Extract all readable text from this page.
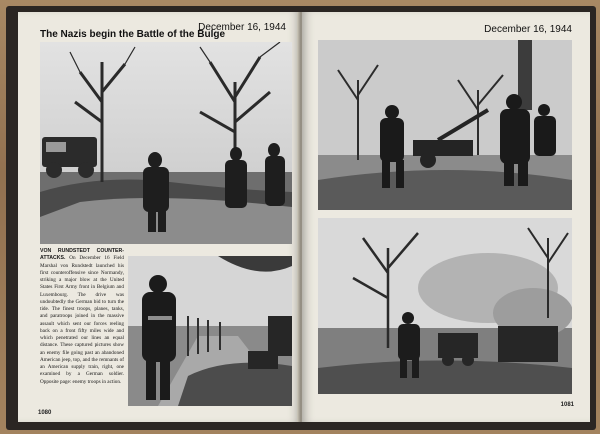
The Nazis begin the Battle of the Bulge
December 16, 1944
VON RUNDSTEDT COUNTER-ATTACKS. On December 16 Field Marshal von Rundstedt launched his first counteroffensive since Normandy, striking a major blow at the United States First Army front in Belgium and Luxembourg. The drive was undoubtedly the German bid to turn the tide. The finest troops, planes, tanks, and paratroops joined in the massive assault which sent our forces reeling back on a front fifty miles wide and which penetrated our lines an equal distance. These captured pictures show an enemy file going past an abandoned American jeep, top, and the remnants of an American supply train, right, one examined by a German soldier. Opposite page: enemy troops in action.
1080
December 16, 1944
1081
